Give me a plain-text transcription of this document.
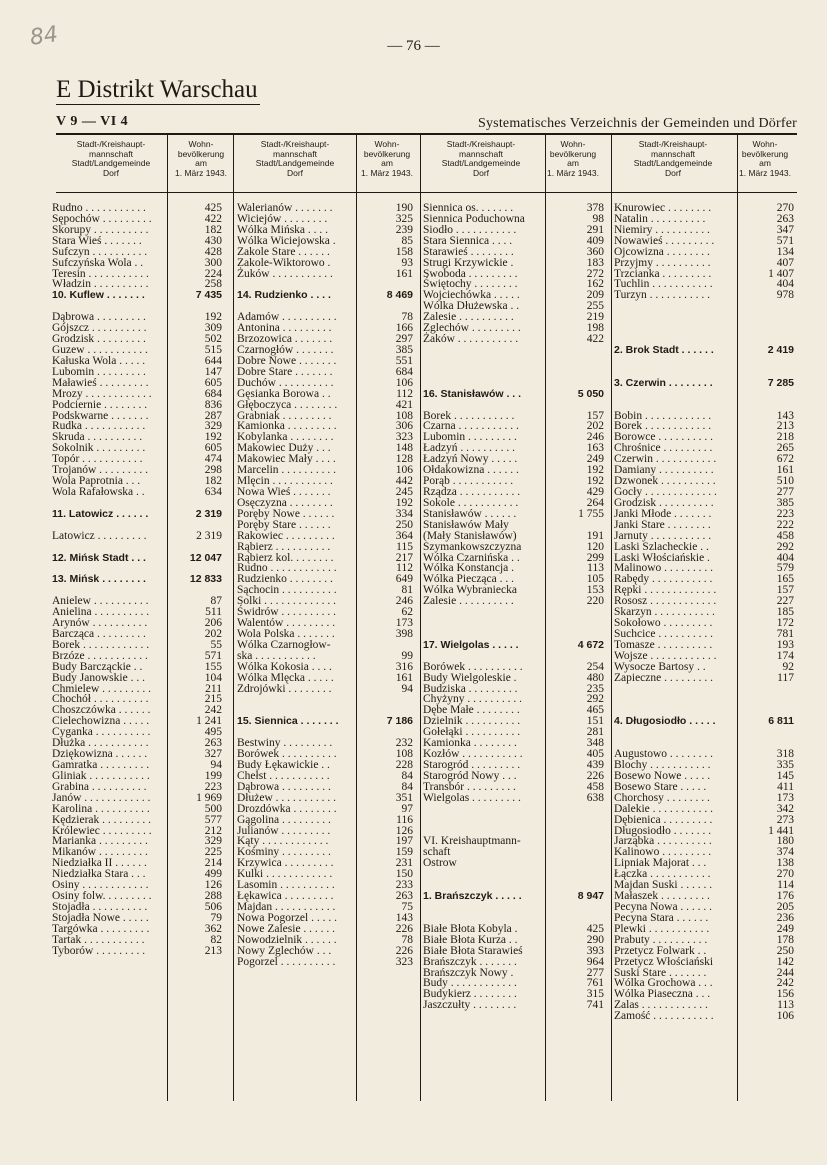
84	— 76 —
E Distrikt Warschau
V 9 — VI 4	Systematisches Verzeichnis der Gemeinden und Dörfer
Stadt-/Kreishaupt-
mannschaft
Stadt/Landgemeinde
Dorf
Wohn-
bevölkerung
am
1. März 1943.
Stadt-/Kreishaupt-
mannschaft
Stadt/Landgemeinde
Dorf
Wohn-
bevölkerung
am
1. März 1943.
Stadt-/Kreishaupt-
mannschaft
Stadt/Landgemeinde
Dorf
Wohn-
bevölkerung
am
1. März 1943.
Stadt-/Kreishaupt-
mannschaft
Stadt/Landgemeinde
Dorf
Wohn-
bevölkerung
am
1. März 1943.
Rudno . . . . . . . . . . .	425
Sępochów . . . . . . . . .	422
Skorupy . . . . . . . . . .	182
Stara Wieś . . . . . . .	430
Sufczyn . . . . . . . . . .	428
Sufczyńska Wola . .	300
Teresin . . . . . . . . . . .	224
Władzin . . . . . . . . . .	258
10. Kuflew . . . . . . .	7 435
Dąbrowa . . . . . . . . .	192
Gójszcz . . . . . . . . . .	309
Grodzisk . . . . . . . . .	502
Guzew . . . . . . . . . . .	515
Kałuska Wola . . . . .	644
Lubomin . . . . . . . . .	147
Maławieś . . . . . . . . .	605
Mrozy . . . . . . . . . . . .	684
Podciernie . . . . . . . .	836
Podskwarne . . . . . . .	287
Rudka . . . . . . . . . . .	329
Skruda . . . . . . . . . .	192
Sokolnik . . . . . . . . .	605
Topór . . . . . . . . . . .	474
Trojanów . . . . . . . . .	298
Wola Paprotnia . . .	182
Wola Rafałowska . .	634
11. Latowicz . . . . . .	2 319
Latowicz . . . . . . . . .	2 319
12. Mińsk Stadt . . .	12 047
13. Mińsk . . . . . . . .	12 833
Anielew . . . . . . . . . .	87
Anielina . . . . . . . . . .	511
Arynów . . . . . . . . . .	206
Barcząca . . . . . . . . .	202
Borek . . . . . . . . . . . .	55
Brzóze . . . . . . . . . . .	571
Budy Barcząckie . .	155
Budy Janowskie . . .	104
Chmielew . . . . . . . . .	211
Chochół . . . . . . . . . .	215
Choszczówka . . . . . .	242
Cielechowizna . . . . .	1 241
Cyganka . . . . . . . . . .	495
Dłużka . . . . . . . . . . .	263
Dziękowizna . . . . . .	327
Gamratka . . . . . . . . .	94
Gliniak . . . . . . . . . . .	199
Grabina . . . . . . . . . .	223
Janów . . . . . . . . . . . .	1 969
Karolina . . . . . . . . . .	500
Kędzierak . . . . . . . . .	577
Królewiec . . . . . . . . .	212
Marianka . . . . . . . . .	329
Mikanów . . . . . . . . .	225
Niedziałka II . . . . . .	214
Niedziałka Stara . . .	499
Osiny . . . . . . . . . . . .	126
Osiny folw. . . . . . . . .	288
Stojadła . . . . . . . . . .	506
Stojadła Nowe . . . . .	79
Targówka . . . . . . . . .	362
Tartak . . . . . . . . . . .	82
Tyborów . . . . . . . . .	213
Walerianów . . . . . . .	190
Wiciejów . . . . . . . .	325
Wólka Mińska . . . .	239
Wólka Wiciejowska .	85
Zakole Stare . . . . . .	158
Zakole-Wiktorowo .	93
Żuków . . . . . . . . . . .	161
14. Rudzienko . . . .	8 469
Adamów . . . . . . . . . .	78
Antonina . . . . . . . . .	166
Brzozowica . . . . . . .	297
Czarnogłów . . . . . . .	385
Dobre Nowe . . . . . . .	551
Dobre Stare . . . . . . .	684
Duchów . . . . . . . . . .	106
Gęsianka Borowa . .	112
Głęboczyca . . . . . . . .	421
Grabniak . . . . . . . . .	108
Kamionka . . . . . . . . .	306
Kobylanka . . . . . . . .	323
Makowiec Duży . . .	148
Makowiec Mały . . . .	128
Marcelin . . . . . . . . . .	106
Mlęcin . . . . . . . . . . .	442
Nowa Wieś . . . . . . .	245
Osęczyzna . . . . . . . .	192
Poręby Nowe . . . . . .	334
Poręby Stare . . . . . .	250
Rakowiec . . . . . . . . .	364
Rąbierz . . . . . . . . . .	115
Rąbierz kol. . . . . . . .	217
Rudno . . . . . . . . . . . .	112
Rudzienko . . . . . . . .	649
Sąchocin . . . . . . . . . .	81
Solki . . . . . . . . . . . . .	246
Świdrów . . . . . . . . . .	62
Walentów . . . . . . . . .	173
Wola Polska . . . . . . .	398
Wólka Czarnogłow-
ska . . . . . . . . . . .	99
Wólka Kokosia . . . .	316
Wólka Mlęcka . . . . .	161
Zdrojówki . . . . . . . .	94
15. Siennica . . . . . . .	7 186
Bestwiny . . . . . . . . .	232
Borówek . . . . . . . . . .	108
Budy Łękawickie . .	228
Chełst . . . . . . . . . . .	84
Dąbrowa . . . . . . . . .	84
Dłużew . . . . . . . . . . .	351
Drozdówka . . . . . . . .	97
Gągolina . . . . . . . . .	116
Julianów . . . . . . . . .	126
Kąty . . . . . . . . . . . .	197
Kośminy . . . . . . . . .	159
Krzywica . . . . . . . . .	231
Kulki . . . . . . . . . . . .	150
Lasomin . . . . . . . . . .	233
Łękawica . . . . . . . . .	263
Majdan . . . . . . . . . . .	75
Nowa Pogorzel . . . . .	143
Nowe Zalesie . . . . . .	226
Nowodzielnik . . . . . .	78
Nowy Zglechów . . .	226
Pogorzel . . . . . . . . . .	323
Siennica os. . . . . . .	378
Siennica Poduchowna	98
Siodło . . . . . . . . . . .	291
Stara Siennica . . . .	409
Starawieś . . . . . . . .	360
Strugi Krzywickie .	183
Swoboda . . . . . . . . .	272
Świętochy . . . . . . . .	162
Wojciechówka . . . . .	209
Wólka Dłużewska . .	255
Zalesie . . . . . . . . . .	219
Zglechów . . . . . . . . .	198
Żaków . . . . . . . . . . .	422
16. Stanisławów . . .	5 050
Borek . . . . . . . . . . .	157
Czarna . . . . . . . . . . .	202
Lubomin . . . . . . . . .	246
Ładzyń . . . . . . . . . .	163
Ładzyń Nowy . . . . .	249
Ołdakowizna . . . . . .	192
Porąb . . . . . . . . . . .	192
Rządza . . . . . . . . . . .	429
Sokole . . . . . . . . . . .	264
Stanisławów . . . . . .	1 755
Stanisławów Mały
(Mały Stanisławów)	191
Szymankowszczyzna	120
Wólka Czarnińska . .	299
Wólka Konstancja .	113
Wólka Piecząca . . .	105
Wólka Wybraniecka	153
Zalesie . . . . . . . . . .	220
17. Wielgolas . . . . .	4 672
Borówek . . . . . . . . . .	254
Budy Wielgoleskie .	480
Budziska . . . . . . . . .	235
Chyżyny . . . . . . . . . .	292
Dębe Małe . . . . . . . .	465
Dzielnik . . . . . . . . . .	151
Gołełąki . . . . . . . . . .	281
Kamionka . . . . . . . .	348
Kozłów . . . . . . . . . . .	405
Starogród . . . . . . . . .	439
Starogród Nowy . . .	226
Transbór . . . . . . . . .	458
Wielgolas . . . . . . . . .	638
VI. Kreishauptmann-
schaft
Ostrow
1. Brańszczyk . . . . .	8 947
Białe Błota Kobyla .	425
Białe Błota Kurza . .	290
Białe Błota Starawieś	393
Brańszczyk . . . . . . .	964
Brańszczyk Nowy .	277
Budy . . . . . . . . . . . .	761
Budykierz . . . . . . . .	315
Jaszczułty . . . . . . . .	741
Knurowiec . . . . . . . .	270
Natalin . . . . . . . . . .	263
Niemiry . . . . . . . . . .	347
Nowawieś . . . . . . . . .	571
Ojcowizna . . . . . . . .	134
Przyjmy . . . . . . . . . .	407
Trzcianka . . . . . . . . .	1 407
Tuchlin . . . . . . . . . . .	404
Turzyn . . . . . . . . . . .	978
2. Brok Stadt . . . . . .	2 419
3. Czerwin . . . . . . . .	7 285
Bobin . . . . . . . . . . . .	143
Borek . . . . . . . . . . . .	213
Borowce . . . . . . . . . .	218
Chrośnice . . . . . . . . .	265
Czerwin . . . . . . . . . . .	672
Damiany . . . . . . . . . .	161
Dzwonek . . . . . . . . . .	510
Gocły . . . . . . . . . . . . .	277
Grodzisk . . . . . . . . . .	385
Janki Młode . . . . . . .	223
Janki Stare . . . . . . . .	222
Jarnuty . . . . . . . . . . .	458
Laski Szlacheckie . .	292
Laski Włościańskie .	404
Malinowo . . . . . . . . .	579
Rabędy . . . . . . . . . . .	165
Rępki . . . . . . . . . . . . .	157
Rososz . . . . . . . . . . . .	227
Skarzyn . . . . . . . . . . .	185
Sokołowo . . . . . . . . .	172
Suchcice . . . . . . . . . .	781
Tomasze . . . . . . . . . .	193
Wojsze . . . . . . . . . . . .	174
Wysocze Bartosy . .	92
Zapieczne . . . . . . . . .	117
4. Długosiodło . . . . .	6 811
Augustowo . . . . . . . .	318
Blochy . . . . . . . . . . .	335
Bosewo Nowe . . . . .	145
Bosewo Stare . . . . .	411
Chorchosy . . . . . . . .	173
Dalekie . . . . . . . . . . .	342
Dębienica . . . . . . . . .	273
Długosiodło . . . . . . .	1 441
Jarząbka . . . . . . . . . .	180
Kalinowo . . . . . . . . .	374
Lipniak Majorat . . .	138
Łączka . . . . . . . . . . .	270
Majdan Suski . . . . . .	114
Małaszek . . . . . . . . .	176
Pecyna Nowa . . . . . .	205
Pecyna Stara . . . . . .	236
Plewki . . . . . . . . . . .	249
Prabuty . . . . . . . . . .	178
Przetycz Folwark . .	250
Przetycz Włościański	142
Suski Stare . . . . . . .	244
Wólka Grochowa . . .	242
Wólka Piaseczna . . .	156
Zalas . . . . . . . . . . . .	113
Zamość . . . . . . . . . . .	106
